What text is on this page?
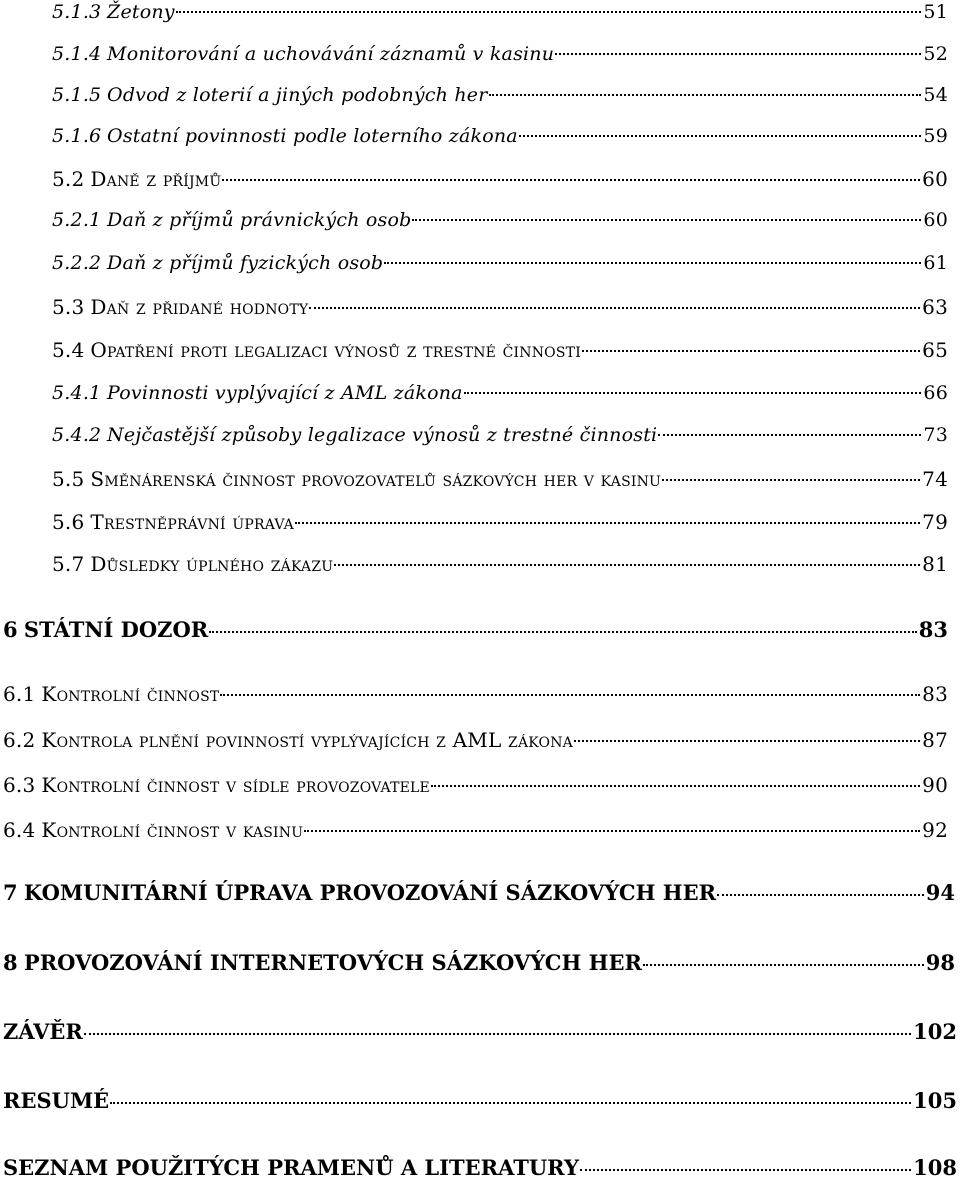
5.1.3 Žetony	51
5.1.4 Monitorování a uchovávání záznamů v kasinu	52
5.1.5 Odvod z loterií a jiných podobných her	54
5.1.6 Ostatní povinnosti podle loterního zákona	59
5.2 Daně z příjmů	60
5.2.1 Daň z příjmů právnických osob	60
5.2.2 Daň z příjmů fyzických osob	61
5.3 Daň z přidané hodnoty	63
5.4 Opatření proti legalizaci výnosů z trestné činnosti	65
5.4.1 Povinnosti vyplývající z AML zákona	66
5.4.2 Nejčastější způsoby legalizace výnosů z trestné činnosti	73
5.5 Směnárenská činnost provozovatelů sázkových her v kasinu	74
5.6 Trestněprávní úprava	79
5.7 Důsledky úplného zákazu	81
6 STÁTNÍ DOZOR	83
6.1 Kontrolní činnost	83
6.2 Kontrola plnění povinností vyplývajících z AML zákona	87
6.3 Kontrolní činnost v sídle provozovatele	90
6.4 Kontrolní činnost v kasinu	92
7 KOMUNITÁRNÍ ÚPRAVA PROVOZOVÁNÍ SÁZKOVÝCH HER	94
8 PROVOZOVÁNÍ INTERNETOVÝCH SÁZKOVÝCH HER	98
ZÁVĚR	102
RESUMÉ	105
SEZNAM POUŽITÝCH PRAMENŮ A LITERATURY	108
